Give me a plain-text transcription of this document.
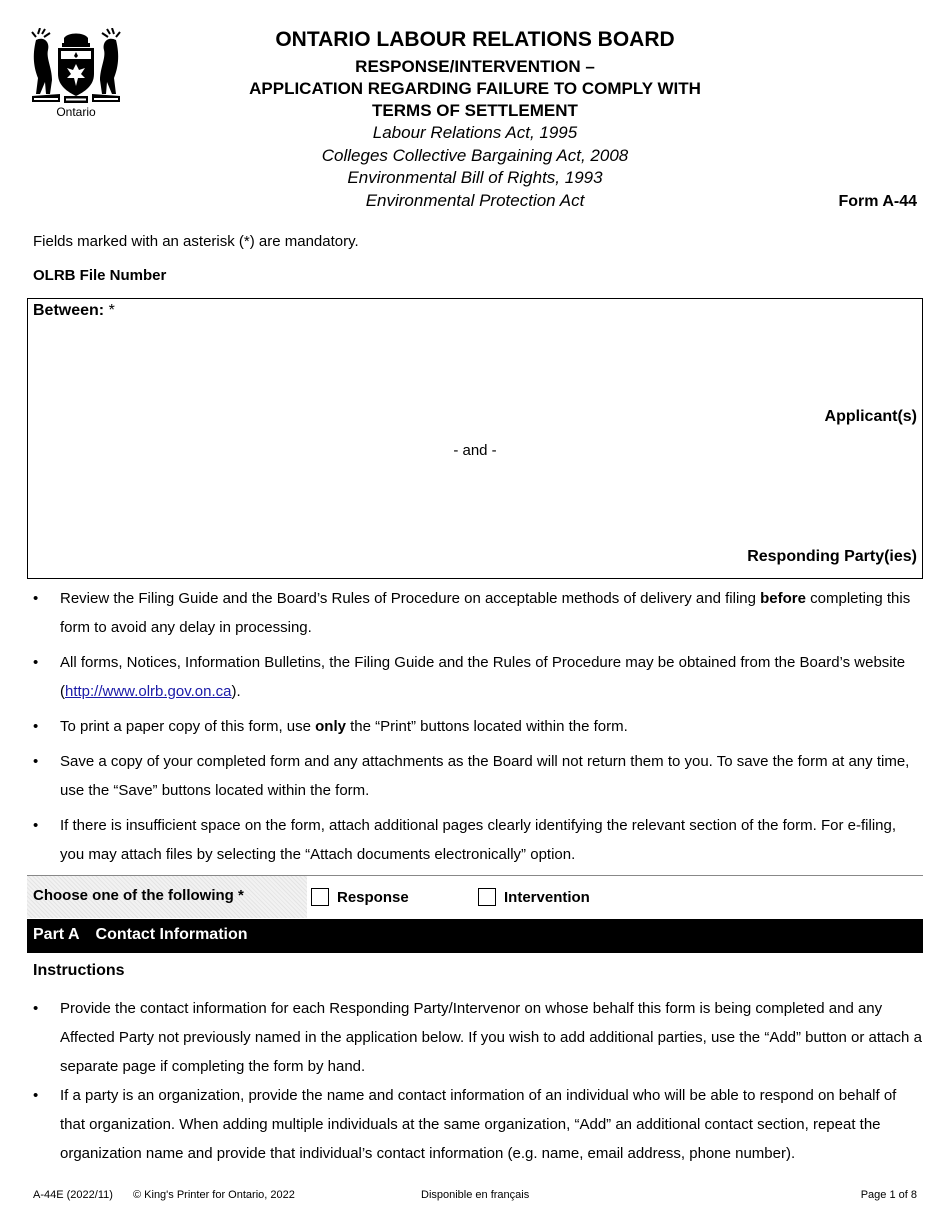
Ontario
ONTARIO LABOUR RELATIONS BOARD
RESPONSE/INTERVENTION –
APPLICATION REGARDING FAILURE TO COMPLY WITH
TERMS OF SETTLEMENT
Labour Relations Act, 1995
Colleges Collective Bargaining Act, 2008
Environmental Bill of Rights, 1993
Environmental Protection Act	Form A-44
Fields marked with an asterisk (*) are mandatory.
OLRB File Number
Between: *
Applicant(s)
- and -
Responding Party(ies)
• Review the Filing Guide and the Board’s Rules of Procedure on acceptable methods of delivery and filing before completing this form to avoid any delay in processing.
• All forms, Notices, Information Bulletins, the Filing Guide and the Rules of Procedure may be obtained from the Board’s website (http://www.olrb.gov.on.ca).
• To print a paper copy of this form, use only the “Print” buttons located within the form.
• Save a copy of your completed form and any attachments as the Board will not return them to you. To save the form at any time, use the “Save” buttons located within the form.
• If there is insufficient space on the form, attach additional pages clearly identifying the relevant section of the form. For e-filing, you may attach files by selecting the “Attach documents electronically” option.
Choose one of the following *	Response	Intervention
Part A Contact Information
Instructions
• Provide the contact information for each Responding Party/Intervenor on whose behalf this form is being completed and any Affected Party not previously named in the application below. If you wish to add additional parties, use the “Add” button or attach a separate page if completing the form by hand.
• If a party is an organization, provide the name and contact information of an individual who will be able to respond on behalf of that organization. When adding multiple individuals at the same organization, “Add” an additional contact section, repeat the organization name and provide that individual’s contact information (e.g. name, email address, phone number).
A-44E (2022/11) © King's Printer for Ontario, 2022	Disponible en français	Page 1 of 8
